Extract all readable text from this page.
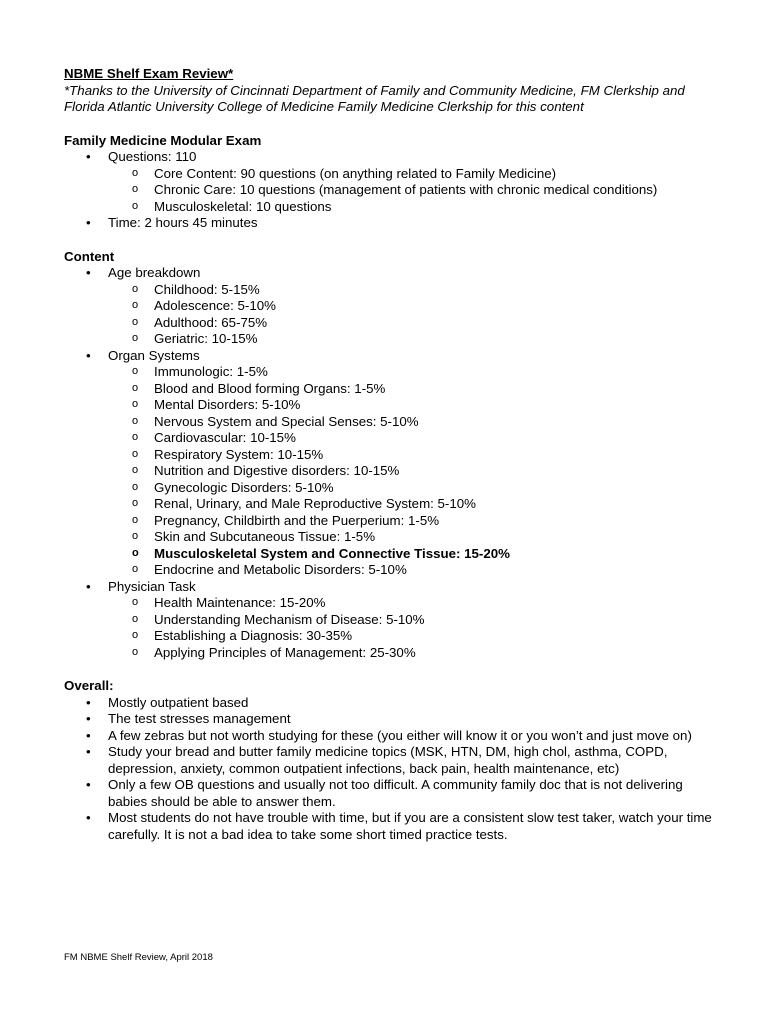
NBME Shelf Exam Review*
*Thanks to the University of Cincinnati Department of Family and Community Medicine, FM Clerkship and Florida Atlantic University College of Medicine Family Medicine Clerkship for this content
Family Medicine Modular Exam
• Questions: 110
o Core Content: 90 questions (on anything related to Family Medicine)
o Chronic Care: 10 questions (management of patients with chronic medical conditions)
o Musculoskeletal: 10 questions
• Time: 2 hours 45 minutes
Content
• Age breakdown
o Childhood: 5-15%
o Adolescence: 5-10%
o Adulthood: 65-75%
o Geriatric: 10-15%
• Organ Systems
o Immunologic: 1-5%
o Blood and Blood forming Organs: 1-5%
o Mental Disorders: 5-10%
o Nervous System and Special Senses: 5-10%
o Cardiovascular: 10-15%
o Respiratory System: 10-15%
o Nutrition and Digestive disorders: 10-15%
o Gynecologic Disorders: 5-10%
o Renal, Urinary, and Male Reproductive System: 5-10%
o Pregnancy, Childbirth and the Puerperium: 1-5%
o Skin and Subcutaneous Tissue: 1-5%
o Musculoskeletal System and Connective Tissue: 15-20%
o Endocrine and Metabolic Disorders: 5-10%
• Physician Task
o Health Maintenance: 15-20%
o Understanding Mechanism of Disease: 5-10%
o Establishing a Diagnosis: 30-35%
o Applying Principles of Management: 25-30%
Overall:
• Mostly outpatient based
• The test stresses management
• A few zebras but not worth studying for these (you either will know it or you won’t and just move on)
• Study your bread and butter family medicine topics (MSK, HTN, DM, high chol, asthma, COPD, depression, anxiety, common outpatient infections, back pain, health maintenance, etc)
• Only a few OB questions and usually not too difficult. A community family doc that is not delivering babies should be able to answer them.
• Most students do not have trouble with time, but if you are a consistent slow test taker, watch your time carefully. It is not a bad idea to take some short timed practice tests.
FM NBME Shelf Review, April 2018
